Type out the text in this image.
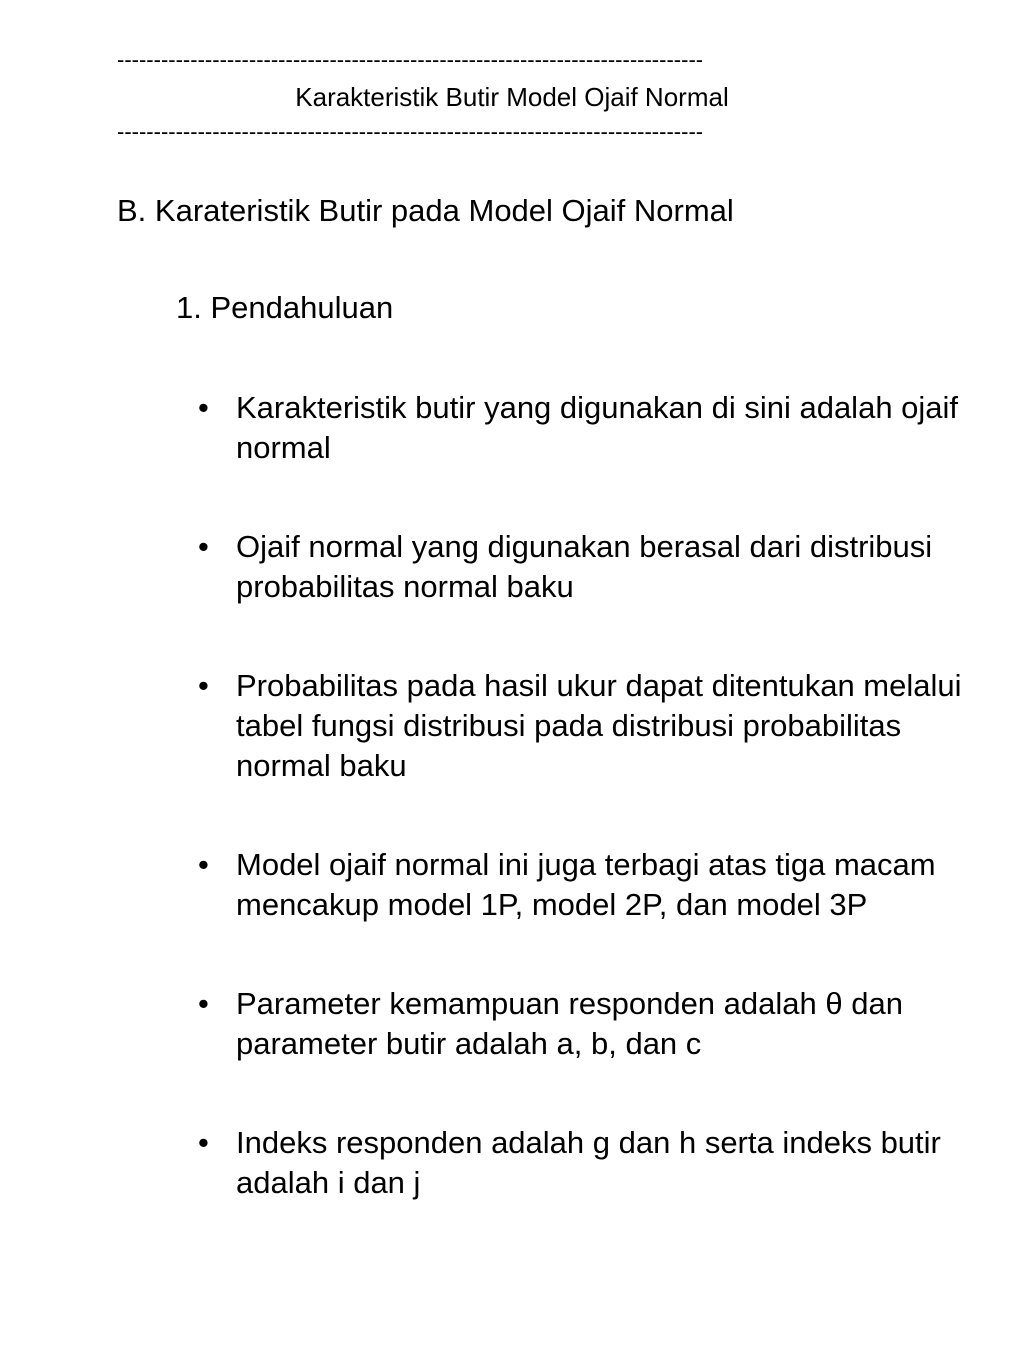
--------------------------------------------------------------------------------
Karakteristik Butir Model Ojaif Normal
--------------------------------------------------------------------------------
B. Karateristik Butir pada Model Ojaif Normal
1. Pendahuluan
• Karakteristik butir yang digunakan di sini adalah ojaif normal
• Ojaif normal yang digunakan berasal dari distribusi probabilitas normal baku
• Probabilitas pada hasil ukur dapat ditentukan melalui tabel fungsi distribusi pada distribusi probabilitas normal baku
• Model ojaif normal ini juga terbagi atas tiga macam mencakup model 1P, model 2P, dan model 3P
• Parameter kemampuan responden adalah θ dan parameter butir adalah a, b, dan c
• Indeks responden adalah g dan h serta indeks butir adalah i dan j
